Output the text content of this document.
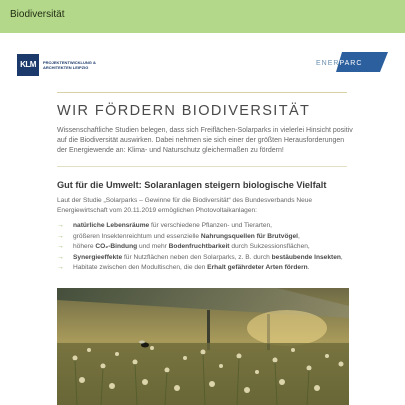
Biodiversität
KLM	PROJEKTENTWICKLUNG & ARCHITEKTEN LEIPZIG
ENERPARC
WIR FÖRDERN BIODIVERSITÄT
Wissenschaftliche Studien belegen, dass sich Freiflächen-Solarparks in vielerlei Hinsicht positiv auf die Biodiversität auswirken. Dabei nehmen sie sich einer der größten Herausforderungen der Energiewende an: Klima- und Naturschutz gleichermaßen zu fördern!
Gut für die Umwelt: Solaranlagen steigern biologische Vielfalt
Laut der Studie „Solarparks – Gewinne für die Biodiversität“ des Bundesverbands Neue Energiewirtschaft vom 20.11.2019 ermöglichen Photovoltaikanlagen:
→	natürliche Lebensräume für verschiedene Pflanzen- und Tierarten,
→	größeren Insektenreichtum und essenzielle Nahrungsquellen für Brutvögel,
→	höhere CO₂-Bindung und mehr Bodenfruchtbarkeit durch Sukzessionsflächen,
→	Synergieeffekte für Nutzflächen neben den Solarparks, z. B. durch bestäubende Insekten,
→	Habitate zwischen den Modultischen, die den Erhalt gefährdeter Arten fördern.
